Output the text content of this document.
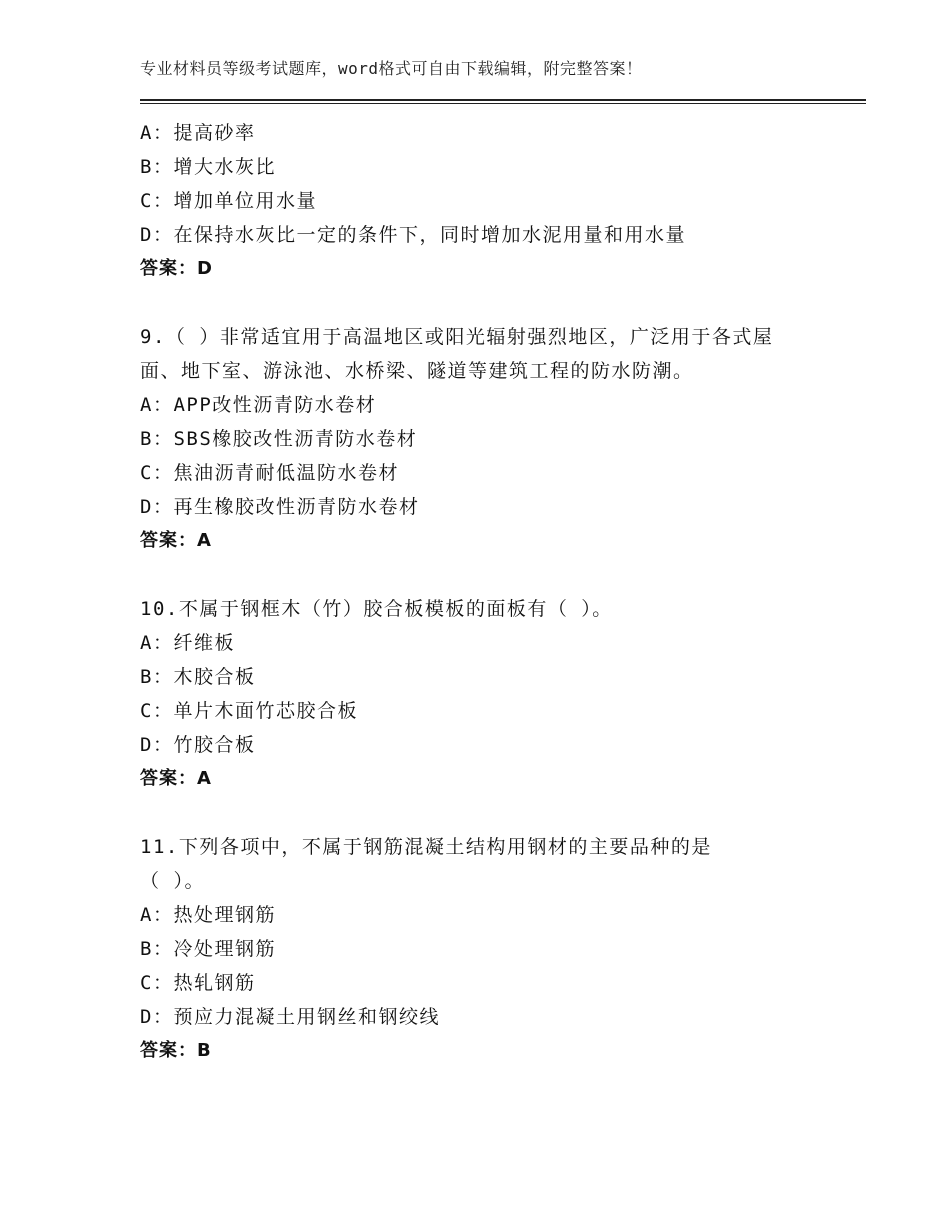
专业材料员等级考试题库，word格式可自由下载编辑，附完整答案！
A：提高砂率
B：增大水灰比
C：增加单位用水量
D：在保持水灰比一定的条件下，同时增加水泥用量和用水量
答案：D
9.（ ）非常适宜用于高温地区或阳光辐射强烈地区，广泛用于各式屋
面、地下室、游泳池、水桥梁、隧道等建筑工程的防水防潮。
A：APP改性沥青防水卷材
B：SBS橡胶改性沥青防水卷材
C：焦油沥青耐低温防水卷材
D：再生橡胶改性沥青防水卷材
答案：A
10.不属于钢框木（竹）胶合板模板的面板有（ ）。
A：纤维板
B：木胶合板
C：单片木面竹芯胶合板
D：竹胶合板
答案：A
11.下列各项中，不属于钢筋混凝土结构用钢材的主要品种的是
（ ）。
A：热处理钢筋
B：冷处理钢筋
C：热轧钢筋
D：预应力混凝土用钢丝和钢绞线
答案：B
